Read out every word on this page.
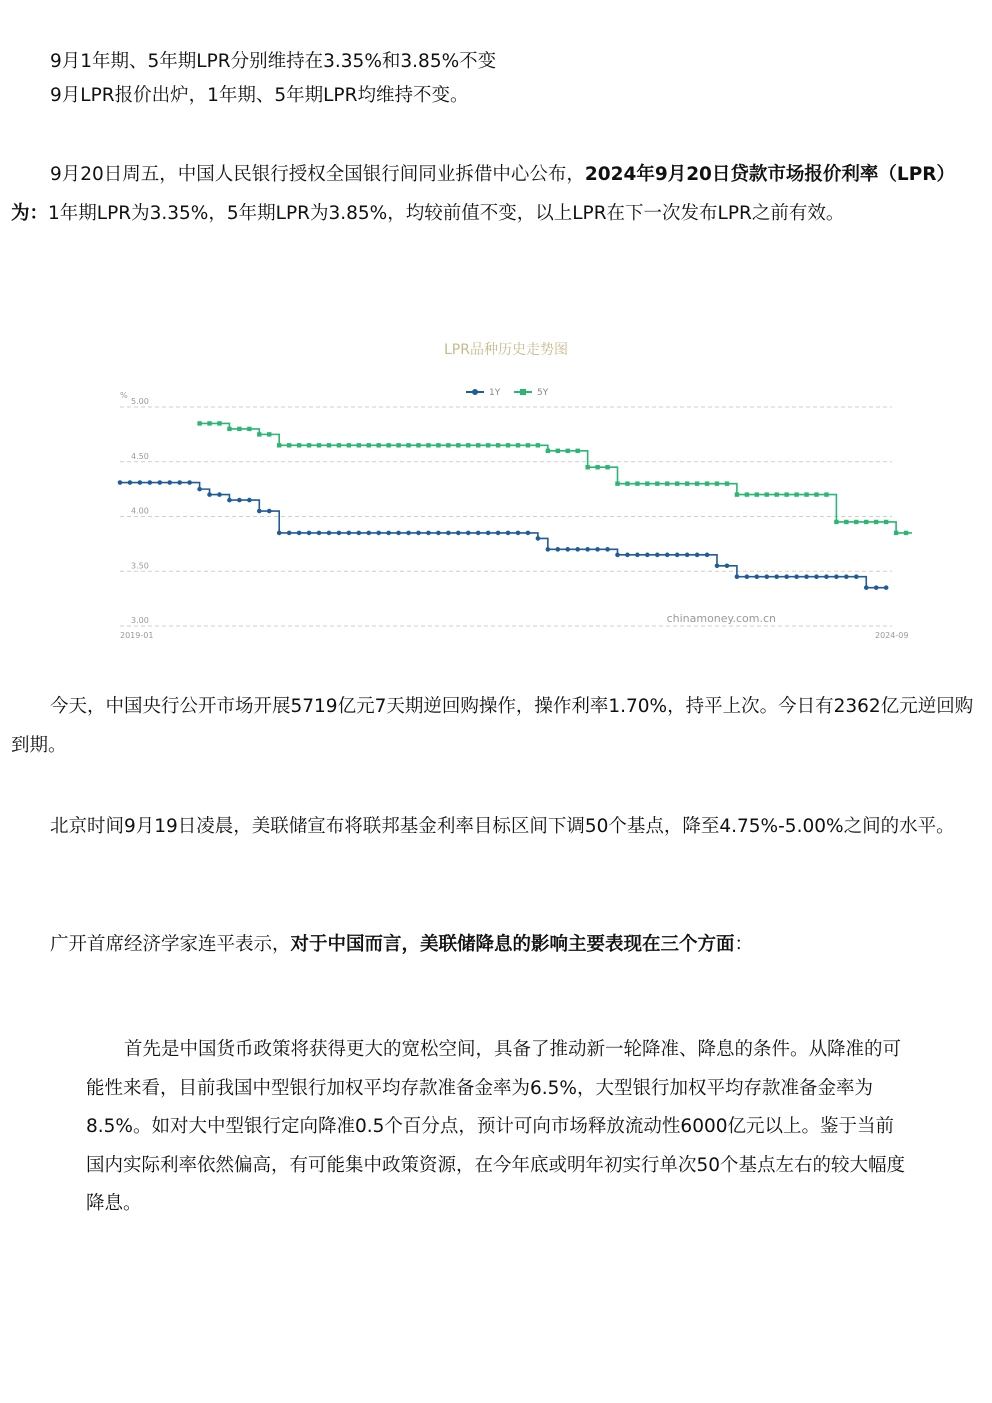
9月1年期、5年期LPR分别维持在3.35%和3.85%不变

9月LPR报价出炉，1年期、5年期LPR均维持不变。

9月20日周五，中国人民银行授权全国银行间同业拆借中心公布，2024年9月20日贷款市场报价利率（LPR）为：1年期LPR为3.35%，5年期LPR为3.85%，均较前值不变，以上LPR在下一次发布LPR之前有效。

LPR品种历史走势图
1Y	5Y
%
5.00
4.50
4.00
3.50
3.00
2019-01	2024-09
chinamoney.com.cn

今天，中国央行公开市场开展5719亿元7天期逆回购操作，操作利率1.70%，持平上次。今日有2362亿元逆回购到期。

北京时间9月19日凌晨，美联储宣布将联邦基金利率目标区间下调50个基点，降至4.75%-5.00%之间的水平。

广开首席经济学家连平表示，对于中国而言，美联储降息的影响主要表现在三个方面：

首先是中国货币政策将获得更大的宽松空间，具备了推动新一轮降准、降息的条件。从降准的可能性来看，目前我国中型银行加权平均存款准备金率为6.5%，大型银行加权平均存款准备金率为8.5%。如对大中型银行定向降准0.5个百分点，预计可向市场释放流动性6000亿元以上。鉴于当前国内实际利率依然偏高，有可能集中政策资源，在今年底或明年初实行单次50个基点左右的较大幅度降息。
